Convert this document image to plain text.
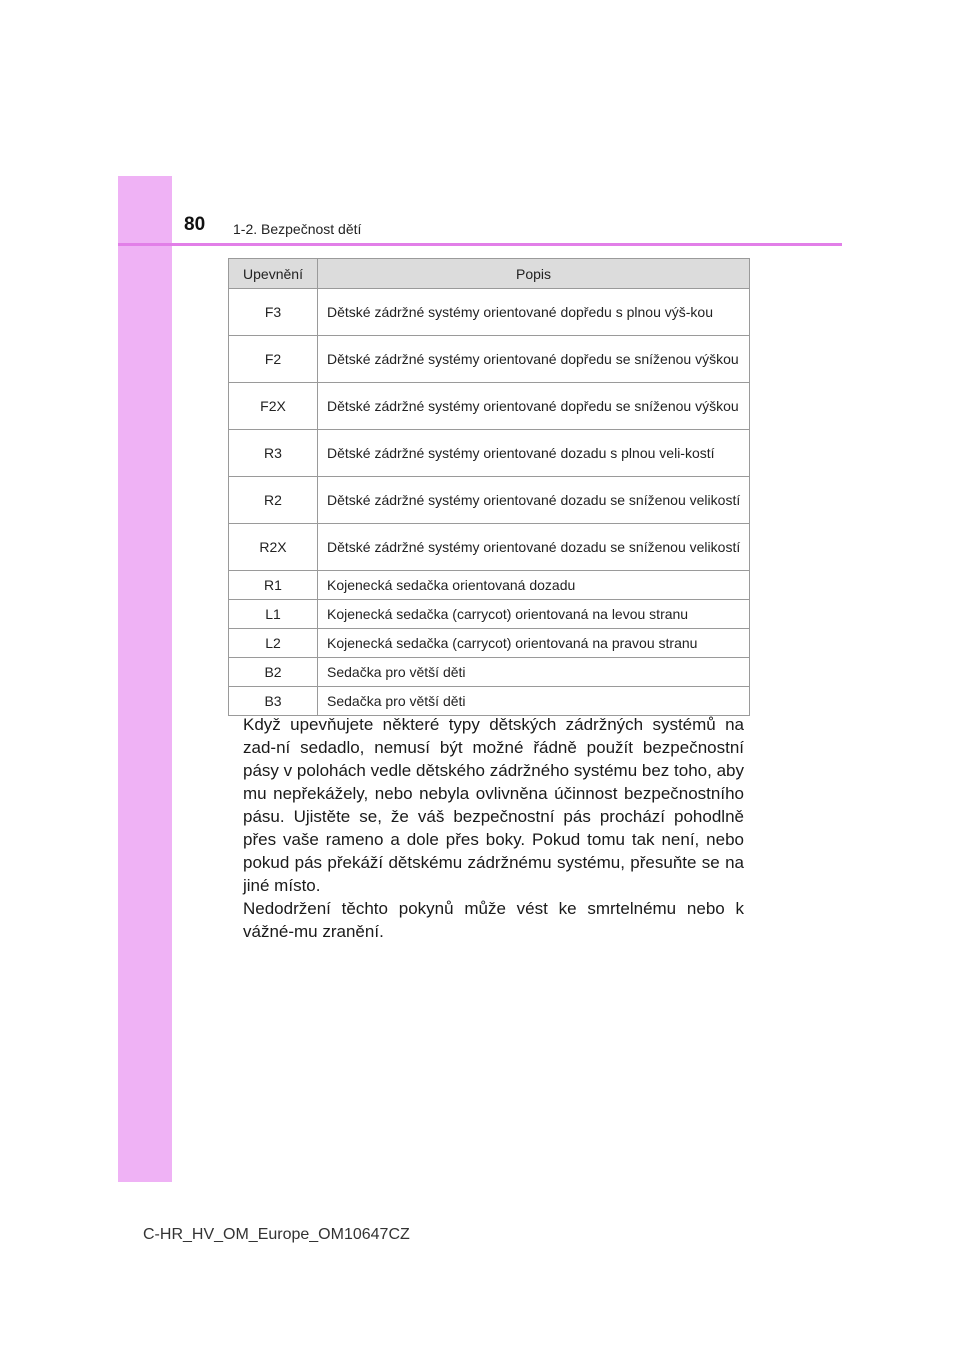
80 1-2. Bezpečnost dětí
Upevnění	Popis
F3	Dětské zádržné systémy orientované dopředu s plnou výš-kou
F2	Dětské zádržné systémy orientované dopředu se sníženou výškou
F2X	Dětské zádržné systémy orientované dopředu se sníženou výškou
R3	Dětské zádržné systémy orientované dozadu s plnou veli-kostí
R2	Dětské zádržné systémy orientované dozadu se sníženou velikostí
R2X	Dětské zádržné systémy orientované dozadu se sníženou velikostí
R1	Kojenecká sedačka orientovaná dozadu
L1	Kojenecká sedačka (carrycot) orientovaná na levou stranu
L2	Kojenecká sedačka (carrycot) orientovaná na pravou stranu
B2	Sedačka pro větší děti
B3	Sedačka pro větší děti

Když upevňujete některé typy dětských zádržných systémů na zad-ní sedadlo, nemusí být možné řádně použít bezpečnostní pásy v polohách vedle dětského zádržného systému bez toho, aby mu nepřekážely, nebo nebyla ovlivněna účinnost bezpečnostního pásu. Ujistěte se, že váš bezpečnostní pás prochází pohodlně přes vaše rameno a dole přes boky. Pokud tomu tak není, nebo pokud pás překáží dětskému zádržnému systému, přesuňte se na jiné místo.

Nedodržení těchto pokynů může vést ke smrtelnému nebo k vážné-mu zranění.

C-HR_HV_OM_Europe_OM10647CZ
